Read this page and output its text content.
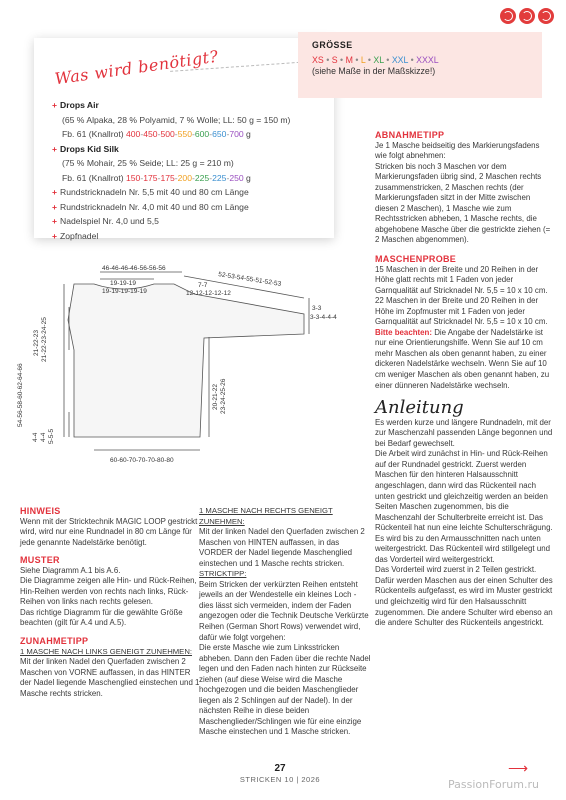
Was wird benötigt?
GRÖSSE
XS • S • M • L • XL • XXL • XXXL
(siehe Maße in der Maßskizze!)
+ Drops Air
(65 % Alpaka, 28 % Polyamid, 7 % Wolle; LL: 50 g = 150 m)
Fb. 61 (Knallrot) 400-450-500-550-600-650-700 g
+ Drops Kid Silk
(75 % Mohair, 25 % Seide; LL: 25 g = 210 m)
Fb. 61 (Knallrot) 150-175-175-200-225-225-250 g
+ Rundstricknadeln Nr. 5,5 mit 40 und 80 cm Länge
+ Rundstricknadeln Nr. 4,0 mit 40 und 80 cm Länge
+ Nadelspiel Nr. 4,0 und 5,5
+ Zopfnadel
46-46-46-46-56-56-56
19-19-19
19-19-19-19-19
52-53-54-55-51-52-53
7-7
12-12-12-12-12
3-3
3-3-4-4-4
54-56-58-60-62-64-66
21-22-23 21-22-23-24-25
4-4 4-4 5-5-5
20-21-22 23-24-25-26
60-60-70-70-70-80-80
HINWEIS
Wenn mit der Stricktechnik MAGIC LOOP gestrickt wird, wird nur eine Rundnadel in 80 cm Länge für jede genannte Nadelstärke benötigt.
MUSTER
Siehe Diagramm A.1 bis A.6.
Die Diagramme zeigen alle Hin- und Rück-Reihen, Hin-Reihen werden von rechts nach links, Rück-Reihen von links nach rechts gelesen.
Das richtige Diagramm für die gewählte Größe beachten (gilt für A.4 und A.5).
ZUNAHMETIPP
1 MASCHE NACH LINKS GENEIGT ZUNEHMEN:
Mit der linken Nadel den Querfaden zwischen 2 Maschen von VORNE auffassen, in das HINTER der Nadel liegende Maschenglied einstechen und 1 Masche rechts stricken.
1 MASCHE NACH RECHTS GENEIGT ZUNEHMEN:
Mit der linken Nadel den Querfaden zwischen 2 Maschen von HINTEN auffassen, in das VORDER der Nadel liegende Maschenglied einstechen und 1 Masche rechts stricken.
STRICKTIPP:
Beim Stricken der verkürzten Reihen entsteht jeweils an der Wendestelle ein kleines Loch - dies lässt sich vermeiden, indem der Faden angezogen oder die Technik Deutsche Verkürzte Reihen (German Short Rows) verwendet wird, dafür wie folgt vorgehen:
Die erste Masche wie zum Linksstricken abheben. Dann den Faden über die rechte Nadel legen und den Faden nach hinten zur Rückseite ziehen (auf diese Weise wird die Masche hochgezogen und die beiden Maschenglieder liegen als 2 Schlingen auf der Nadel). In der nächsten Reihe in diese beiden Maschenglieder/Schlingen wie für eine einzige Masche einstechen und 1 Masche stricken.
ABNAHMETIPP
Je 1 Masche beidseitig des Markierungsfadens wie folgt abnehmen:
Stricken bis noch 3 Maschen vor dem Markierungsfaden übrig sind, 2 Maschen rechts zusammenstricken, 2 Maschen rechts (der Markierungsfaden sitzt in der Mitte zwischen diesen 2 Maschen), 1 Masche wie zum Rechtsstricken abheben, 1 Masche rechts, die abgehobene Masche über die gestrickte ziehen (= 2 Maschen abgenommen).
MASCHENPROBE
15 Maschen in der Breite und 20 Reihen in der Höhe glatt rechts mit 1 Faden von jeder Garnqualität auf Stricknadel Nr. 5,5 = 10 x 10 cm.
22 Maschen in der Breite und 20 Reihen in der Höhe im Zopfmuster mit 1 Faden von jeder Garnqualität auf Stricknadel Nr. 5,5 = 10 x 10 cm.
Bitte beachten: Die Angabe der Nadelstärke ist nur eine Orientierungshilfe. Wenn Sie auf 10 cm mehr Maschen als oben genannt haben, zu einer dickeren Nadelstärke wechseln. Wenn Sie auf 10 cm weniger Maschen als oben genannt haben, zu einer dünneren Nadelstärke wechseln.
Anleitung
Es werden kurze und längere Rundnadeln, mit der zur Maschenzahl passenden Länge begonnen und bei Bedarf gewechselt.
Die Arbeit wird zunächst in Hin- und Rück-Reihen auf der Rundnadel gestrickt. Zuerst werden Maschen für den hinteren Halsausschnitt angeschlagen, dann wird das Rückenteil nach unten gestrickt und gleichzeitig werden an beiden Seiten Maschen zugenommen, bis die Maschenzahl der Schulterbreite erreicht ist. Das Rückenteil hat nun eine leichte Schulterschrägung. Es wird bis zu den Armausschnitten nach unten weitergestrickt. Das Rückenteil wird stillgelegt und das Vorderteil wird weitergestrickt.
Das Vorderteil wird zuerst in 2 Teilen gestrickt. Dafür werden Maschen aus der einen Schulter des Rückenteils aufgefasst, es wird im Muster gestrickt und gleichzeitig wird für den Halsausschnitt zugenommen. Die andere Schulter wird ebenso an die andere Schulter des Rückenteils angestrickt.
27
STRICKEN 10 | 2026
⟶
PassionForum.ru
